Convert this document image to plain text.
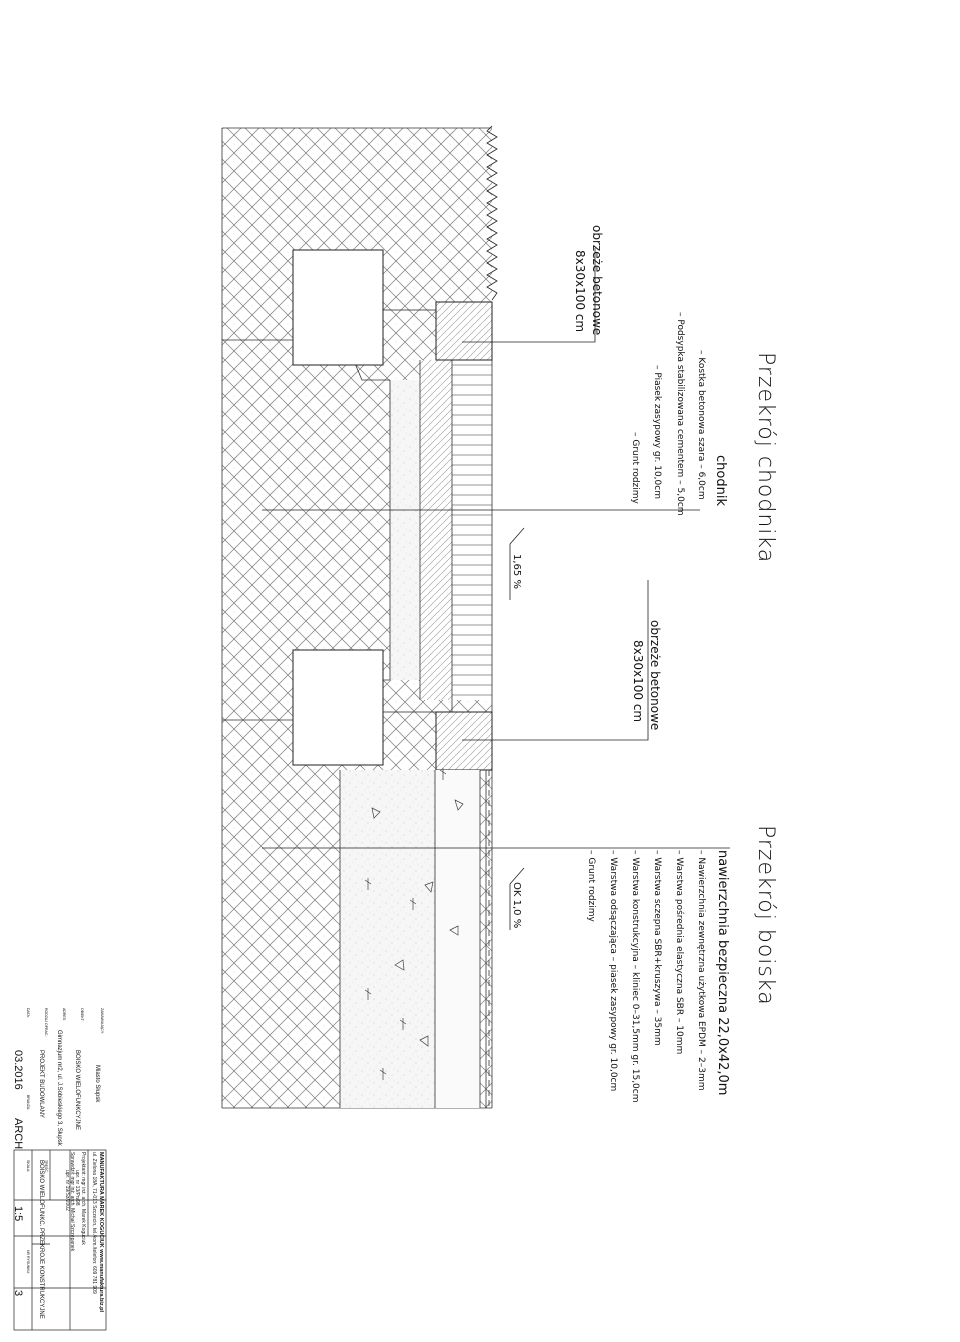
Przekrój chodnika
Przekrój boiska
chodnik
– Kostka betonowa szara – 6,0cm
– Podsypka stabilizowana cementem – 5,0cm
– Piasek zasypowy gr. 10,0cm
– Grunt rodzimy
obrzeże betonowe
8x30x100 cm
obrzeże betonowe
8x30x100 cm
1,65 %
OK 1,0 %	nawierzchnia bezpieczna 22,0x42,0m
– Nawierzchnia zewnętrzna użytkowa EPDM – 2–3mm
– Warstwa pośrednia elastyczna SBR – 10mm
– Warstwa sczepna SBR+kruszywa – 35mm
– Warstwa konstrukcyjna – kliniec 0–31,5mm gr. 15,0cm
– Warstwa odsączająca – piasek zasypowy gr. 10,0cm
– Grunt rodzimy
MANUFAKTURA MAREK KOGUCIUK www.manufaktura.biz.pl
ul. Zielona 18A, 71-013 Szczecin, tel./kom./telefon: 609 781 909
Projektant: mgr inż. arch. Marek Koguciuk
upr. nr 13/Pn/98
Sprawdził: mgr inż. arch. Michał Szczepanek
upr. nr 19/Sz/2002
ZAMAWIAJĄCY:
Miasto Słupsk
OBIEKT:
BOISKO WIELOFUNKCYJNE
ADRES:
Gimnazjum nr2, ul. J.Sobieskiego 3, Słupsk
RODZAJ OPRAC.:
PROJEKT BUDOWLANY
TREŚĆ:
BOISKO WIELOFUNKC. PRZEKROJE KONSTRUKCYJNE
DATA:
03.2016
BRANŻA:
ARCH
SKALA:
1:5
NR RYSUNKU:
3
